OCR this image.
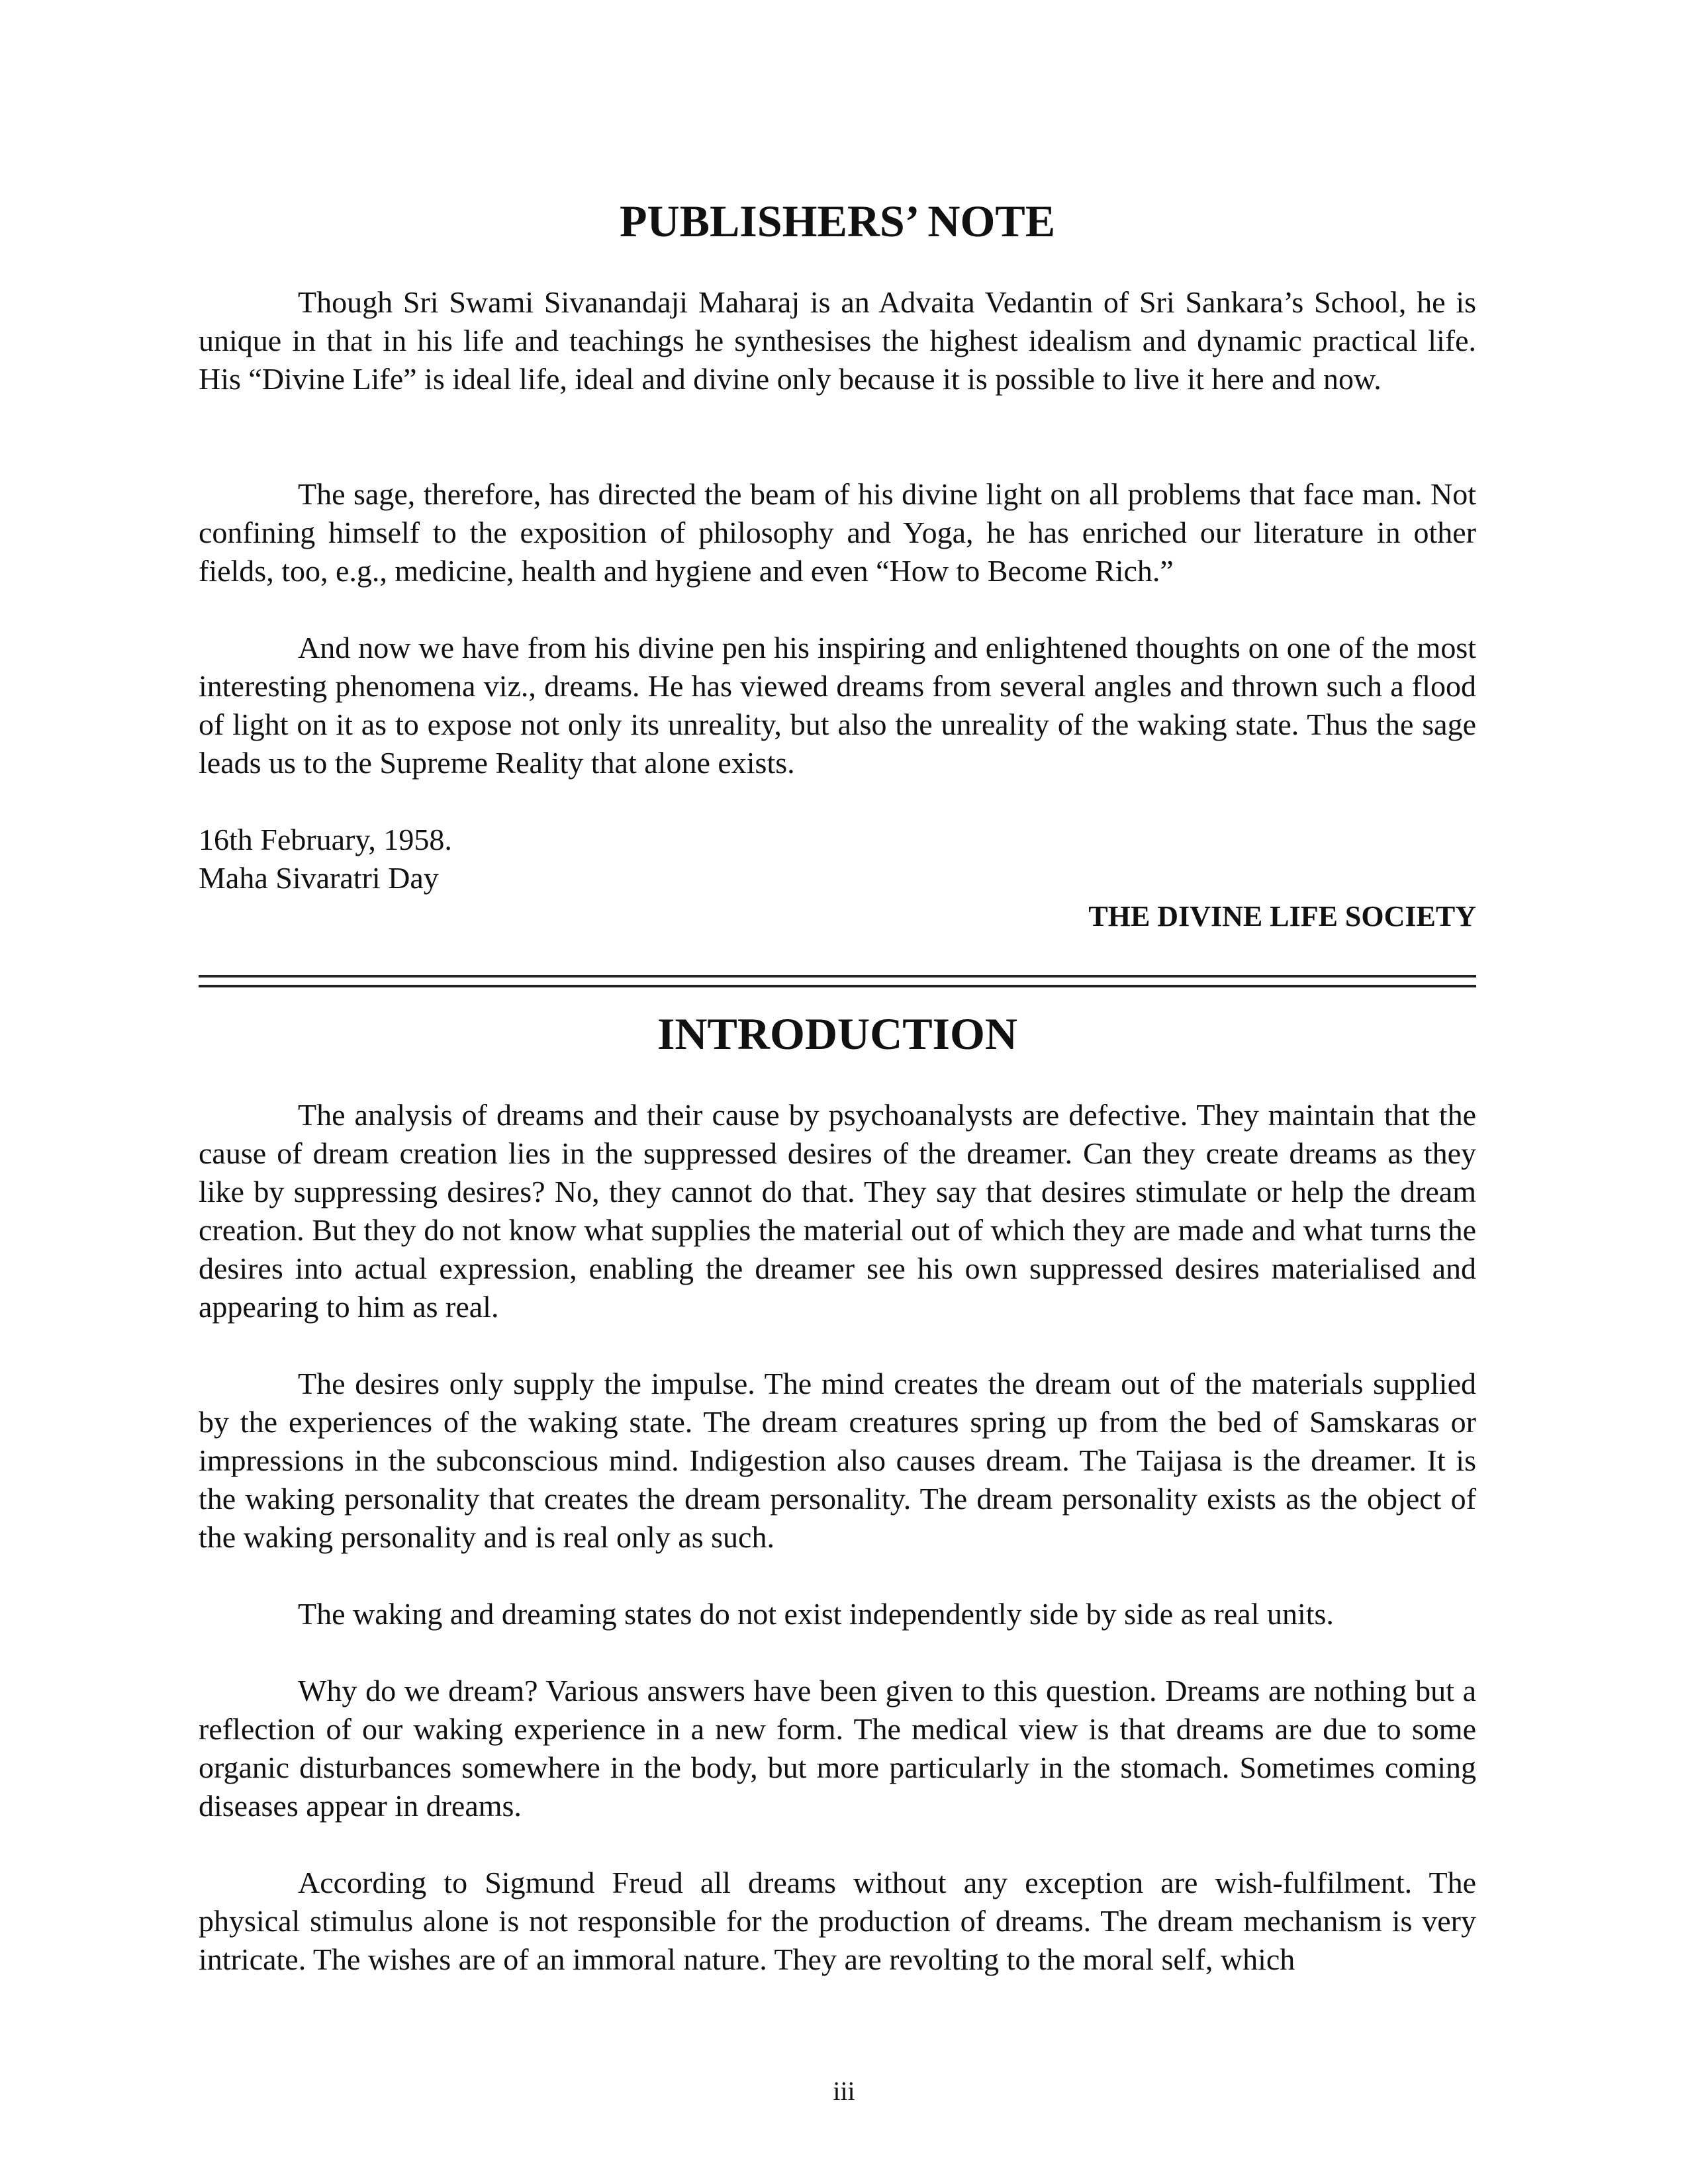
PUBLISHERS’ NOTE

Though Sri Swami Sivanandaji Maharaj is an Advaita Vedantin of Sri Sankara’s School, he is unique in that in his life and teachings he synthesises the highest idealism and dynamic practical life. His “Divine Life” is ideal life, ideal and divine only because it is possible to live it here and now.

The sage, therefore, has directed the beam of his divine light on all problems that face man. Not confining himself to the exposition of philosophy and Yoga, he has enriched our literature in other fields, too, e.g., medicine, health and hygiene and even “How to Become Rich.”

And now we have from his divine pen his inspiring and enlightened thoughts on one of the most interesting phenomena viz., dreams. He has viewed dreams from several angles and thrown such a flood of light on it as to expose not only its unreality, but also the unreality of the waking state. Thus the sage leads us to the Supreme Reality that alone exists.

16th February, 1958.

Maha Sivaratri Day

THE DIVINE LIFE SOCIETY

INTRODUCTION

The analysis of dreams and their cause by psychoanalysts are defective. They maintain that the cause of dream creation lies in the suppressed desires of the dreamer. Can they create dreams as they like by suppressing desires? No, they cannot do that. They say that desires stimulate or help the dream creation. But they do not know what supplies the material out of which they are made and what turns the desires into actual expression, enabling the dreamer see his own suppressed desires materialised and appearing to him as real.

The desires only supply the impulse. The mind creates the dream out of the materials supplied by the experiences of the waking state. The dream creatures spring up from the bed of Samskaras or impressions in the subconscious mind. Indigestion also causes dream. The Taijasa is the dreamer. It is the waking personality that creates the dream personality. The dream personality exists as the object of the waking personality and is real only as such.

The waking and dreaming states do not exist independently side by side as real units.

Why do we dream? Various answers have been given to this question. Dreams are nothing but a reflection of our waking experience in a new form. The medical view is that dreams are due to some organic disturbances somewhere in the body, but more particularly in the stomach. Sometimes coming diseases appear in dreams.

According to Sigmund Freud all dreams without any exception are wish-fulfilment. The physical stimulus alone is not responsible for the production of dreams. The dream mechanism is very intricate. The wishes are of an immoral nature. They are revolting to the moral self, which

iii
